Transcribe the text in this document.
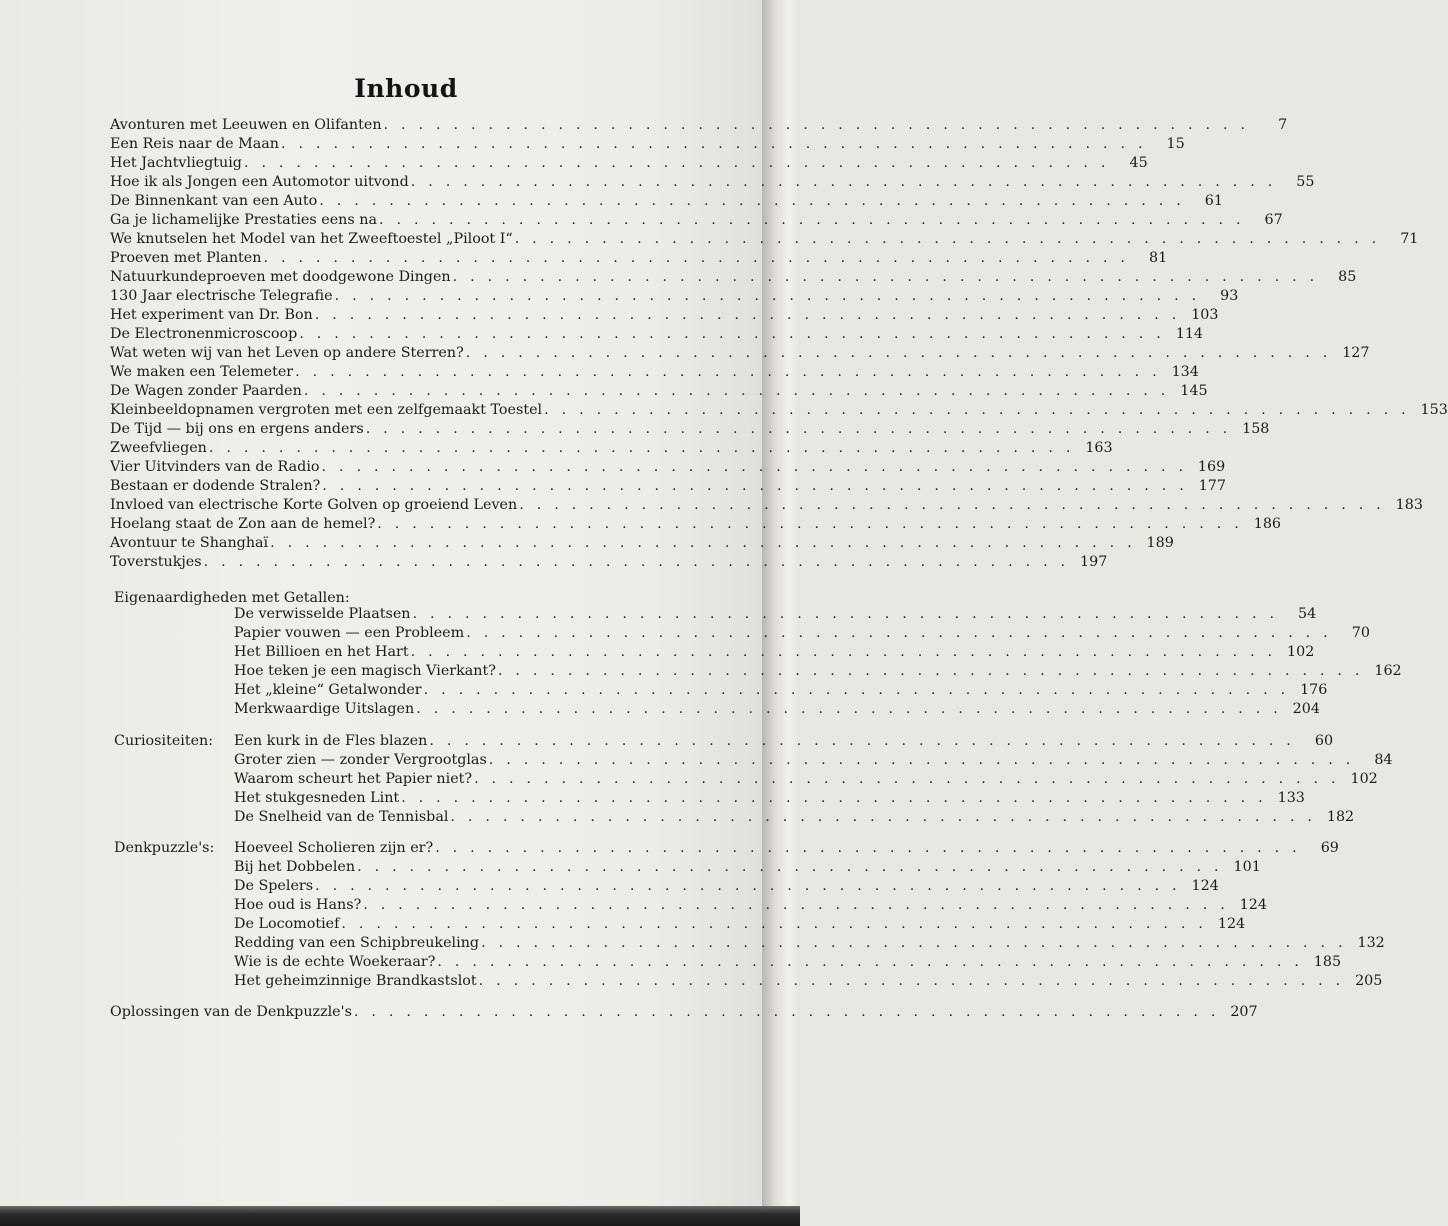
Inhoud
Avonturen met Leeuwen en Olifanten . . . . . . . . . . . . . . . . . . . . . . . . . . . . . . . . . . . . . . . . . . . . . . . . . .	7
Een Reis naar de Maan . . . . . . . . . . . . . . . . . . . . . . . . . . . . . . . . . . . . . . . . . . . . . . . . . .	15
Het Jachtvliegtuig . . . . . . . . . . . . . . . . . . . . . . . . . . . . . . . . . . . . . . . . . . . . . . . . . .	45
Hoe ik als Jongen een Automotor uitvond . . . . . . . . . . . . . . . . . . . . . . . . . . . . . . . . . . . . . . . . . . . . . . . . . .	55
De Binnenkant van een Auto . . . . . . . . . . . . . . . . . . . . . . . . . . . . . . . . . . . . . . . . . . . . . . . . . .	61
Ga je lichamelijke Prestaties eens na . . . . . . . . . . . . . . . . . . . . . . . . . . . . . . . . . . . . . . . . . . . . . . . . . .	67
We knutselen het Model van het Zweeftoestel „Piloot I“ . . . . . . . . . . . . . . . . . . . . . . . . . . . . . . . . . . . . . . . . . . . . . . . . . .	71
Proeven met Planten . . . . . . . . . . . . . . . . . . . . . . . . . . . . . . . . . . . . . . . . . . . . . . . . . .	81
Natuurkundeproeven met doodgewone Dingen . . . . . . . . . . . . . . . . . . . . . . . . . . . . . . . . . . . . . . . . . . . . . . . . . .	85
130 Jaar electrische Telegrafie . . . . . . . . . . . . . . . . . . . . . . . . . . . . . . . . . . . . . . . . . . . . . . . . . .	93
Het experiment van Dr. Bon . . . . . . . . . . . . . . . . . . . . . . . . . . . . . . . . . . . . . . . . . . . . . . . . . . 103
De Electronenmicroscoop . . . . . . . . . . . . . . . . . . . . . . . . . . . . . . . . . . . . . . . . . . . . . . . . . . 114
Wat weten wij van het Leven op andere Sterren? . . . . . . . . . . . . . . . . . . . . . . . . . . . . . . . . . . . . . . . . . . . . . . . . . . 127
We maken een Telemeter . . . . . . . . . . . . . . . . . . . . . . . . . . . . . . . . . . . . . . . . . . . . . . . . . . 134
De Wagen zonder Paarden . . . . . . . . . . . . . . . . . . . . . . . . . . . . . . . . . . . . . . . . . . . . . . . . . . 145
Kleinbeeldopnamen vergroten met een zelfgemaakt Toestel . . . . . . . . . . . . . . . . . . . . . . . . . . . . . . . . . . . . . . . . . . . . . . . . . . 153
De Tijd — bij ons en ergens anders . . . . . . . . . . . . . . . . . . . . . . . . . . . . . . . . . . . . . . . . . . . . . . . . . . 158
Zweefvliegen . . . . . . . . . . . . . . . . . . . . . . . . . . . . . . . . . . . . . . . . . . . . . . . . . . 163
Vier Uitvinders van de Radio . . . . . . . . . . . . . . . . . . . . . . . . . . . . . . . . . . . . . . . . . . . . . . . . . . 169
Bestaan er dodende Stralen? . . . . . . . . . . . . . . . . . . . . . . . . . . . . . . . . . . . . . . . . . . . . . . . . . . 177
Invloed van electrische Korte Golven op groeiend Leven . . . . . . . . . . . . . . . . . . . . . . . . . . . . . . . . . . . . . . . . . . . . . . . . . . 183
Hoelang staat de Zon aan de hemel? . . . . . . . . . . . . . . . . . . . . . . . . . . . . . . . . . . . . . . . . . . . . . . . . . . 186
Avontuur te Shanghaï . . . . . . . . . . . . . . . . . . . . . . . . . . . . . . . . . . . . . . . . . . . . . . . . . . 189
Toverstukjes . . . . . . . . . . . . . . . . . . . . . . . . . . . . . . . . . . . . . . . . . . . . . . . . . . 197
Eigenaardigheden met Getallen:
De verwisselde Plaatsen . . . . . . . . . . . . . . . . . . . . . . . . . . . . . . . . . . . . . . . . . . . . . . . . . .	54
Papier vouwen — een Probleem . . . . . . . . . . . . . . . . . . . . . . . . . . . . . . . . . . . . . . . . . . . . . . . . . .	70
Het Billioen en het Hart . . . . . . . . . . . . . . . . . . . . . . . . . . . . . . . . . . . . . . . . . . . . . . . . . . 102
Hoe teken je een magisch Vierkant? . . . . . . . . . . . . . . . . . . . . . . . . . . . . . . . . . . . . . . . . . . . . . . . . . . 162
Het „kleine“ Getalwonder . . . . . . . . . . . . . . . . . . . . . . . . . . . . . . . . . . . . . . . . . . . . . . . . . . 176
Merkwaardige Uitslagen . . . . . . . . . . . . . . . . . . . . . . . . . . . . . . . . . . . . . . . . . . . . . . . . . . 204
Curiositeiten: Een kurk in de Fles blazen . . . . . . . . . . . . . . . . . . . . . . . . . . . . . . . . . . . . . . . . . . . . . . . . . .	60
Groter zien — zonder Vergrootglas . . . . . . . . . . . . . . . . . . . . . . . . . . . . . . . . . . . . . . . . . . . . . . . . . .	84
Waarom scheurt het Papier niet? . . . . . . . . . . . . . . . . . . . . . . . . . . . . . . . . . . . . . . . . . . . . . . . . . . 102
Het stukgesneden Lint . . . . . . . . . . . . . . . . . . . . . . . . . . . . . . . . . . . . . . . . . . . . . . . . . . 133
De Snelheid van de Tennisbal . . . . . . . . . . . . . . . . . . . . . . . . . . . . . . . . . . . . . . . . . . . . . . . . . . 182
Denkpuzzle's: Hoeveel Scholieren zijn er? . . . . . . . . . . . . . . . . . . . . . . . . . . . . . . . . . . . . . . . . . . . . . . . . . .	69
Bij het Dobbelen . . . . . . . . . . . . . . . . . . . . . . . . . . . . . . . . . . . . . . . . . . . . . . . . . . 101
De Spelers . . . . . . . . . . . . . . . . . . . . . . . . . . . . . . . . . . . . . . . . . . . . . . . . . . 124
Hoe oud is Hans? . . . . . . . . . . . . . . . . . . . . . . . . . . . . . . . . . . . . . . . . . . . . . . . . . . 124
De Locomotief . . . . . . . . . . . . . . . . . . . . . . . . . . . . . . . . . . . . . . . . . . . . . . . . . . 124
Redding van een Schipbreukeling . . . . . . . . . . . . . . . . . . . . . . . . . . . . . . . . . . . . . . . . . . . . . . . . . . 132
Wie is de echte Woekeraar? . . . . . . . . . . . . . . . . . . . . . . . . . . . . . . . . . . . . . . . . . . . . . . . . . . 185
Het geheimzinnige Brandkastslot . . . . . . . . . . . . . . . . . . . . . . . . . . . . . . . . . . . . . . . . . . . . . . . . . . 205
Oplossingen van de Denkpuzzle's . . . . . . . . . . . . . . . . . . . . . . . . . . . . . . . . . . . . . . . . . . . . . . . . . . 207
